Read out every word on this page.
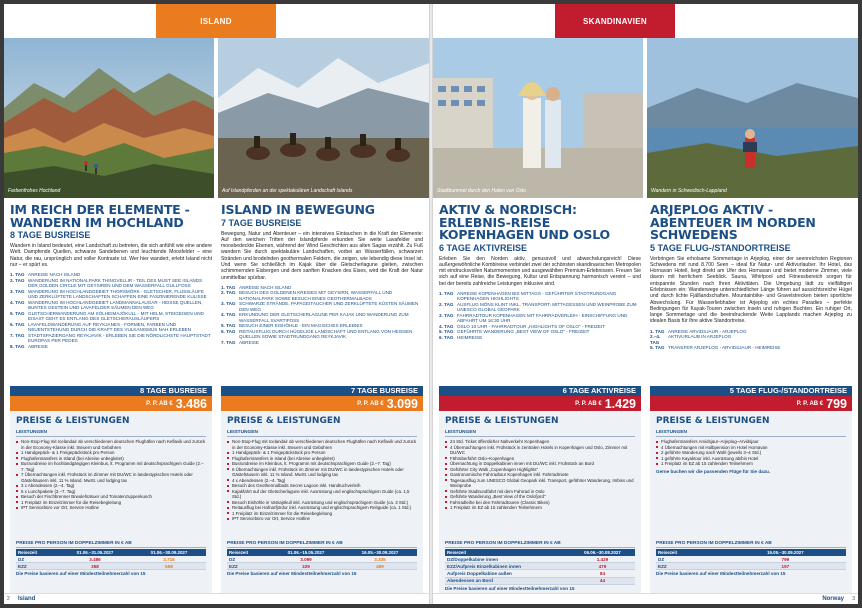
ISLAND
Farbenfrohes Hochland	Auf Islandpferden an der spektakulären Landschaft Islands
IM REICH DER ELEMENTE - WANDERN IM HOCHLAND
8 TAGE BUSREISE
Wandern in Island bedeutet, eine Landschaft zu betreten, die sich anfühlt wie eine andere Welt. Dampfende Quellen, schwarze Sandebenen und leuchtende Moosfelder – eine Natur, die rau, ursprünglich und voller Kontraste ist. Wer hier wandert, erlebt Island nicht nur – er spürt es.
1. TAG ANREISE NACH ISLAND
2. TAG WANDERUNG IM NATIONALPARK THINGVELLIR - TEIL DES MUST SEE ISLANDS DER GOLDEN CIRCLE MIT GEYSIREN UND DEM WASSERFALL GULLFOSS
3. TAG WANDERUNG IM HOCHLANDGEBIET THORSMÖRK - GLETSCHER, FLUSSLÄUFE UND ZERKLÜFTETE LANDSCHAFTEN SCHAFFEN EINE FASZINIERENDE KULISSE
4. TAG WANDERUNG IM HOCHLANDGEBIET LANDMANNALAUGAR - HEISSE QUELLEN, BUNTES GESTEIN UND LAVAFELDER SÄUMEN DEN WEG
5. TAG GLETSCHERWANDERUNG AM SÓLHEIMAJÖKULL - MIT HELM, STEIGEISEN UND EISAXT GEHT ES ENTLANG DES GLETSCHERAUSLÄUFERS
6. TAG LAVAFELDWANDERUNG AUF REYKJANES - FORMEN, FARBEN UND NEUENTSTEHUNG DURCH DIE KRAFT DES VULKANISMUS NAH ERLEBEN
7. TAG STADTSPAZIERGANG REYKJAVÍK - ERLEBEN SIE DIE NÖRDLICHSTE HAUPTSTADT EUROPAS PER PEDES
8. TAG ABREISE
8 TAGE BUSREISE
P. P. AB € 3.486
PREISE & LEISTUNGEN
LEISTUNGEN
Non-Stop-Flug mit Icelandair ab verschiedenen deutschen Flughäfen nach Keflavik und zurück in der Economy-Klasse inkl. Steuern und Gebühren
1 Handgepäck- & 1 Freigepäckstück pro Person
Flughafentransfers in Island (bei Abreise unbegleitet)
Busrundreise im hochlandgängigen Kleinbus, lt. Programm mit deutschsprachigem Guide (2.–7. Tag)
7 Übernachtungen inkl. Frühstück im Zimmer mit DU/WC in landestypischen Hotels oder Gästehäusern inkl. 11 % Island. MwSt. und lodging tax
3 x Abendessen (2.–4. Tag)
5 x Lunchpakete (3.–7. Tag)
Besuch der Fischbrenner Brwulehütsuer und Tomatenzuppenkunch
1 Freiplatz im Einzelzimmer für die Reisebegleitung
IPT Servicebüro vor Ort, Service Hotline
PREISE PRO PERSON IM DOPPELZIMMER IN € AB
Reisezeit	01.06.–31.05.2027	01.06.–30.09.2027
DZ	3.486	3.718
EZZ	358	558
Die Preise basieren auf einer Mindestteilnehmerzahl von 15
ISLAND IN BEWEGUNG
7 TAGE BUSREISE
Bewegung, Natur und Abenteuer – ein intensives Eintauchen in die Kraft der Elemente: Auf den weichen Tritten der Islandpferde erkunden Sie weite Lavafelder und moosbedeckte Ebenen, während der Wind Geschichten aus alten Sagas erzählt. Zu Fuß wandern Sie durch spektakuläre Landschaften, vorbei an Wasserfällen, schwarzen Stränden und brodelnden geothermalen Feldern, die zeigen, wie lebendig diese Insel ist. Und wenn Sie schließlich im Kajak über die Gletscherlagune gleiten, zwischen schimmernden Eisbergen und dem sanften Knacken des Eises, wird die Kraft der Natur unmittelbar spürbar.
1. TAG ANREISE NACH ISLAND
2. TAG BESUCH DES GOLDENEN KREISES MIT GEYSIRN, WASSERFALL UND NATIONALPARK SOWIE BESUCH EINES GEOTHERMALBADS
3. TAG SCHWARZE STRÄNDE, PAPAGEITAUCHER UND ZERKLÜFTETE KÜSTEN SÄUMEN DEN WEG
4. TAG ERKUNDUNG DER GLETSCHERLAGUNE PER KAJAK UND WANDERUNG ZUM WASSERFALL SVARTIFOSS
5. TAG BESUCH EINER EISHÖHLE - EIN MAGISCHES ERLEBNIS
6. TAG REITAUSFLUG DURCH HÜGELIGE LANDSCHAFT UND ENTLANG VON HEISSEN QUELLEN SOWIE STADTRUNDGANG REYKJAVIK
7. TAG ABREISE
7 TAGE BUSREISE
P. P. AB € 3.099
PREISE & LEISTUNGEN
LEISTUNGEN
Non-Stop-Flug mit Icelandair ab verschiedenen deutschen Flughäfen nach Keflavik und zurück in der Economy-Klasse inkl. Steuern und Gebühren
1 Handgepäck- & 1 Freigepäckstück pro Person
Flughafentransfers in Island (bei Abreise unbegleitet)
Busrundreise im Kleinbus, lt. Programm mit deutschsprachigem Guide (2.–7. Tag)
6 Übernachtungen inkl. Frühstück im Zimmer mit DU/WC in landestypischen Hotels oder Gästehäusern inkl. 11 % Island. MwSt. und lodging tax
4 x Abendessen (2.–4. Tag)
Besuch des Geothermalbads Secret Lagoon inkl. Handtuchverleih
Kajakfahrt auf der Gletscherlagune inkl. Ausrüstung und englischsprachigem Guide (ca. 1,5 Std.)
Besuch Eishöhle in Vatnajökull inkl. Ausrüstung und englischsprachigem Guide (ca. 3 Std.)
Reitausflug bei Hafnarfjördur inkl. Ausrüstung und englischsprachigem Reitguide (ca. 1 Std.)
1 Freiplatz im Einzelzimmer für die Reisebegleitung
IPT Servicebüro vor Ort, Service Hotline
PREISE PRO PERSON IM DOPPELZIMMER IN € AB
Reisezeit	01.06.–15.05.2027	16.05.–30.09.2027
DZ	3.099	3.335
EZZ	329	469
Die Preise basieren auf einer Mindestteilnehmerzahl von 15
2 Island
SKANDINAVIEN
Stadtbummel durch den Hafen von Oslo	Wandern in Schwedisch-Lappland
AKTIV & NORDISCH: ERLEBNIS-REISE KOPENHAGEN UND OSLO
6 TAGE AKTIVREISE
Erleben Sie den Norden aktiv, genussvoll und abwechslungsreich! Diese außergewöhnliche Kombireise verbindet zwei der schönsten skandinavischen Metropolen mit eindrucksvollen Naturmomenten und ausgewählten Premium-Erlebnissen. Freuen Sie sich auf eine Reise, die Bewegung, Kultur und Entspannung harmonisch vereint – und bei der bereits zahlreiche Leistungen inklusive sind.
1. TAG ANREISE KOPENHAGEN BIS MITTAGS - GEFÜHRTER STADTRUNDGANG KOPENHAGEN HIGHLIGHTS
2. TAG AUSFLUG MÖNS KLINT INKL. TRANSPORT, MITTAGESSEN UND WEINPROBE ZUM UNESCO GLOBAL GEOPARK
3. TAG FAHRRADTOUR KOPENHAGEN MIT FAHRRADVERLEIH - EINSCHIFFUNG UND ABFAHRT UM 16:30 UHR
4. TAG OSLO 10 UHR - FAHRRADTOUR „HIGHLIGHTS OF OSLO" - FREIZEIT
5. TAG GEFÜHRTE WANDERUNG „BEST VIEW OF OSLO" - FREIZEIT
6. TAG HEIMREISE
6 TAGE AKTIVREISE
P. P. AB € 1.429
PREISE & LEISTUNGEN
LEISTUNGEN
24 Std. Ticket öffentlicher Nahverkehr Kopenhagen
4 Übernachtungen inkl. Frühstück in zentralen Hotels in Kopenhagen und Oslo, Zimmer mit DU/WC
Fährüberfahrt Oslo–Kopenhagen
Übernachtung in Doppelkabinen innen mit DU/WC inkl. Frühstück an Bord
Geführter City Walk „Copenhagen Highlights"
Gastronomische Fahrradtour Kopenhagen inkl. Fahrradmiete
Tagesausflug zum UNESCO Global Geopark inkl. Transport, geführter Wanderung, Imbiss und Weinprobe
Geführte Stadtrundfahrt mit dem Fahrrad in Oslo
Geführte Wanderung „Best View of the Oslofjord"
Fahrradleihe bei den Fahrradtouren (Classic Bikes)
1 Freiplatz im EZ ab 15 zahlenden Teilnehmern
PREISE PRO PERSON IM DOPPELZIMMER IN € AB
Reisezeit	06.06.–30.08.2027
DZ/Doppelkabine innen	1.429
EZZ/Aufpreis Einzelkabinen innen	479
Aufpreis Doppelkabine außen	84
Abendessen an Bord	44
Die Preise basieren auf einer Mindestteilnehmerzahl von 15
ARJEPLOG AKTIV - ABENTEUER IM NORDEN SCHWEDENS
5 TAGE FLUG-/STANDORTREISE
Verbringen Sie erholsame Sommertage in Arjeplog, einer der seenreichsten Regionen Schwedens mit rund 8.700 Seen – ideal für Natur- und Aktivurlauber. Ihr Hotel, das Hornavan Hotell, liegt direkt am Ufer des Hornavan und bietet moderne Zimmer, viele davon mit herrlichem Seeblick. Sauna, Whirlpool und Fitnessbereich sorgen für entspannte Stunden nach Ihren Aktivitäten. Die Umgebung lädt zu vielfältigen Erlebnissen ein: Wanderwege unterschiedlicher Länge führen auf aussichtsreiche Hügel und durch lichte Fjälllandschaften. Mountainbike- und Gravelstrecken bieten sportliche Abwechslung. Für Wasserliebhaber ist Arjeplog ein echtes Paradies – perfekte Bedingungen für Kayak-Touren zwischen Inseln und ruhigen Buchten. Ein ruhiger Ort, lange Sommertage und die beeindruckende Weite Lapplands machen Arjeplog zu idealen Basis für Ihre aktive Standortreise.
1. TAG ANREISE ARVIDSJAUR - ARJEPLOG
2.–4. TAG
AKTIVURLAUB IN ARJEPLOG
5. TAG TRANSFER ARJEPLOG - ARVIDSJAUR - HEIMREISE
5 TAGE FLUG-/STANDORTREISE
P. P. AB € 799
PREISE & LEISTUNGEN
LEISTUNGEN
Flughafentransfers Arvidsjaur–Arjeplog–Arvidsjaur
4 Übernachtungen mit Halbpension im Hotel Hornavan
2 geführte Wanderung nach Wahl (jeweils 3–4 Std.)
1 geführte Kayaktour inkl. Ausrüstung ab/bis Hotel
1 Freiplatz im EZ ab 15 zahlenden Teilnehmern
Gerne buchen wir die passenden Flüge für Sie dazu.
PREISE PRO PERSON IM DOPPELZIMMER IN € AB
Reisezeit	15.05.–30.09.2027
DZ	799
EZZ	197
Die Preise basieren auf einer Mindestteilnehmerzahl von 15
Norway 3
